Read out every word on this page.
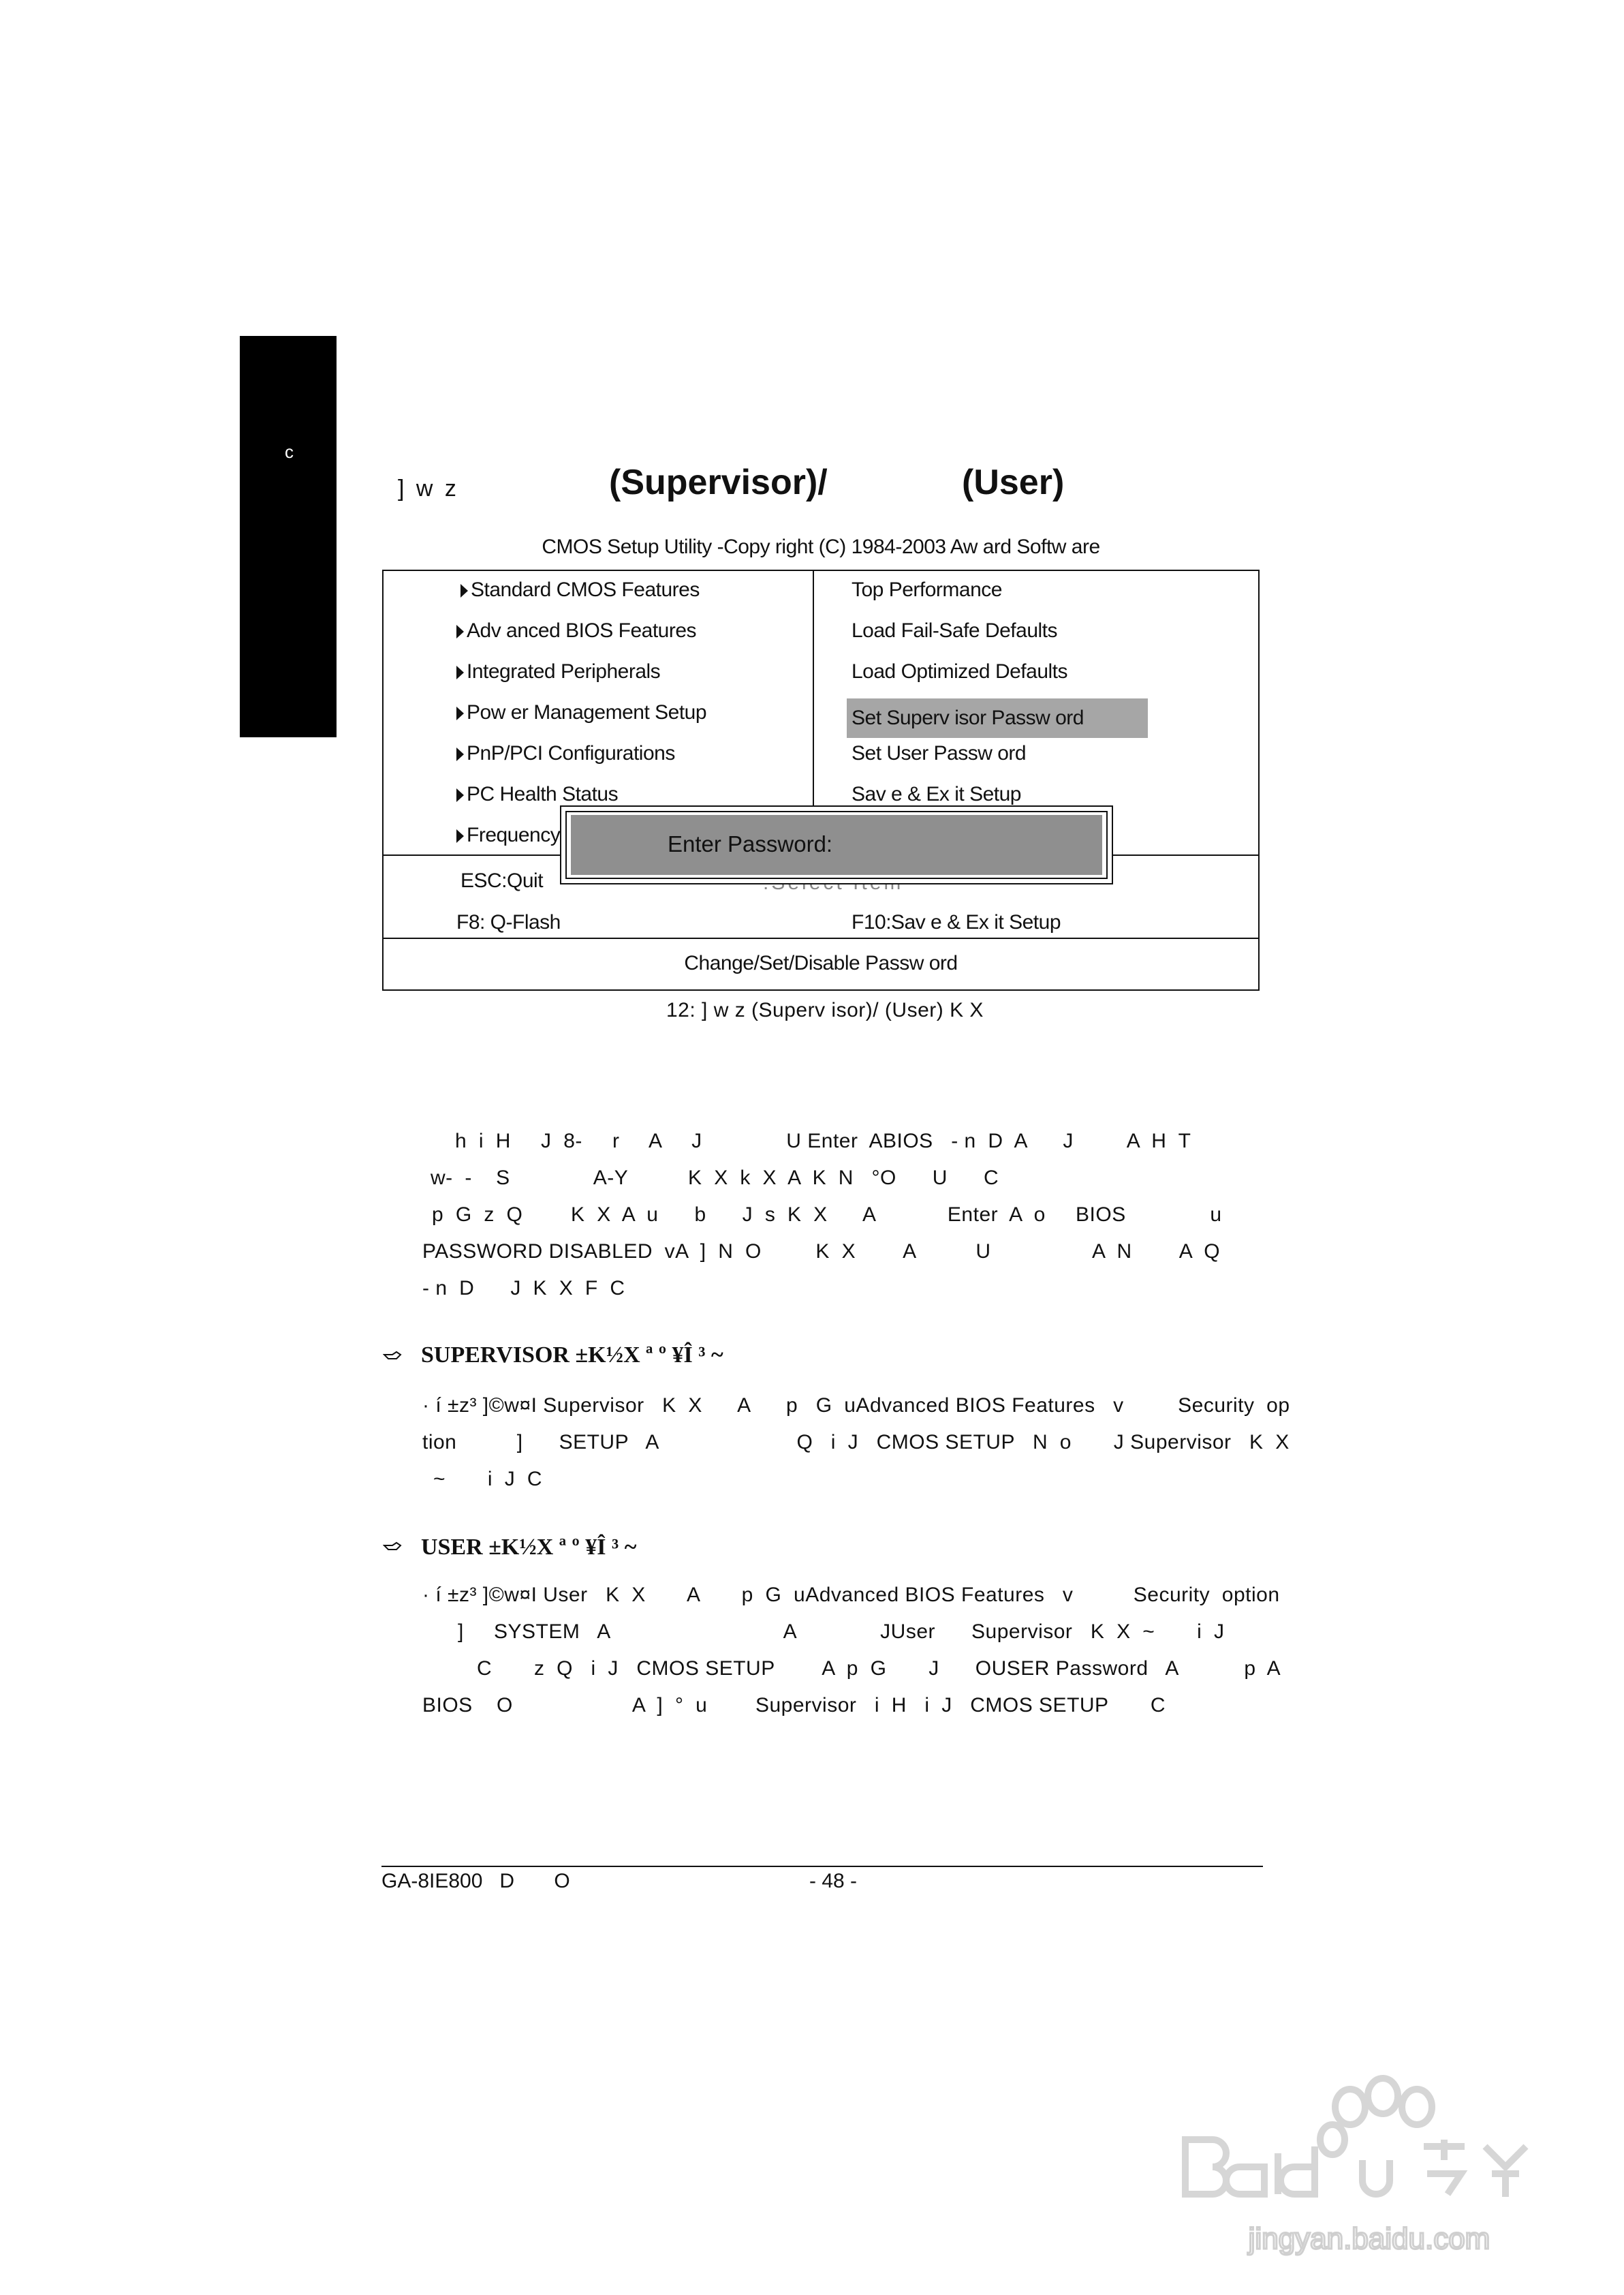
c
] w z	(Supervisor)/	(User)
CMOS Setup Utility -Copy right (C) 1984-2003 Aw ard Softw are
Standard CMOS Features
Adv anced BIOS Features
Integrated Peripherals
Pow er Management Setup
PnP/PCI Configurations
PC Health Status
Frequency
Top Performance
Load Fail-Safe Defaults
Load Optimized Defaults
Set Superv isor Passw ord
Set User Passw ord
Sav e & Ex it Setup
ESC:Quit
F8: Q-Flash	F10:Sav e & Ex it Setup
Change/Set/Disable Passw ord
Enter Password:
12: ] w z (Superv isor)/ (User) K X
h  i  H     J  8-     r     A     J              U Enter  ABIOS   - n  D  A      J         A  H  T
w-  -    S              A-Y          K  X  k  X  A  K  N   °O      U      C
p  G  z  Q        K  X  A  u      b      J  s  K  X      A            Enter  A  o     BIOS              u
PASSWORD DISABLED  vA  ]  N  O         K  X        A          U                 A  N        A  Q
- n  D      J  K  X  F  C
SUPERVISOR ±K½X ª º ¥Î ³ ~
· í ±z³ ]©w¤I Supervisor   K  X      A      p   G  uAdvanced BIOS Features   v         Security  op
tion          ]      SETUP   A                       Q   i  J   CMOS SETUP   N  o       J Supervisor   K  X
~       i  J  C
USER ±K½X ª º ¥Î ³ ~
· í ±z³ ]©w¤I User   K  X       A       p  G  uAdvanced BIOS Features   v          Security  option
]     SYSTEM   A                             A              JUser      Supervisor   K  X  ~       i  J
C       z  Q   i  J   CMOS SETUP        A  p  G       J      OUSER Password   A           p  A
BIOS    O                    A  ]  °  u        Supervisor   i  H   i  J   CMOS SETUP       C
GA-8IE800   D       O	- 48 -
jingyan.baidu.com
